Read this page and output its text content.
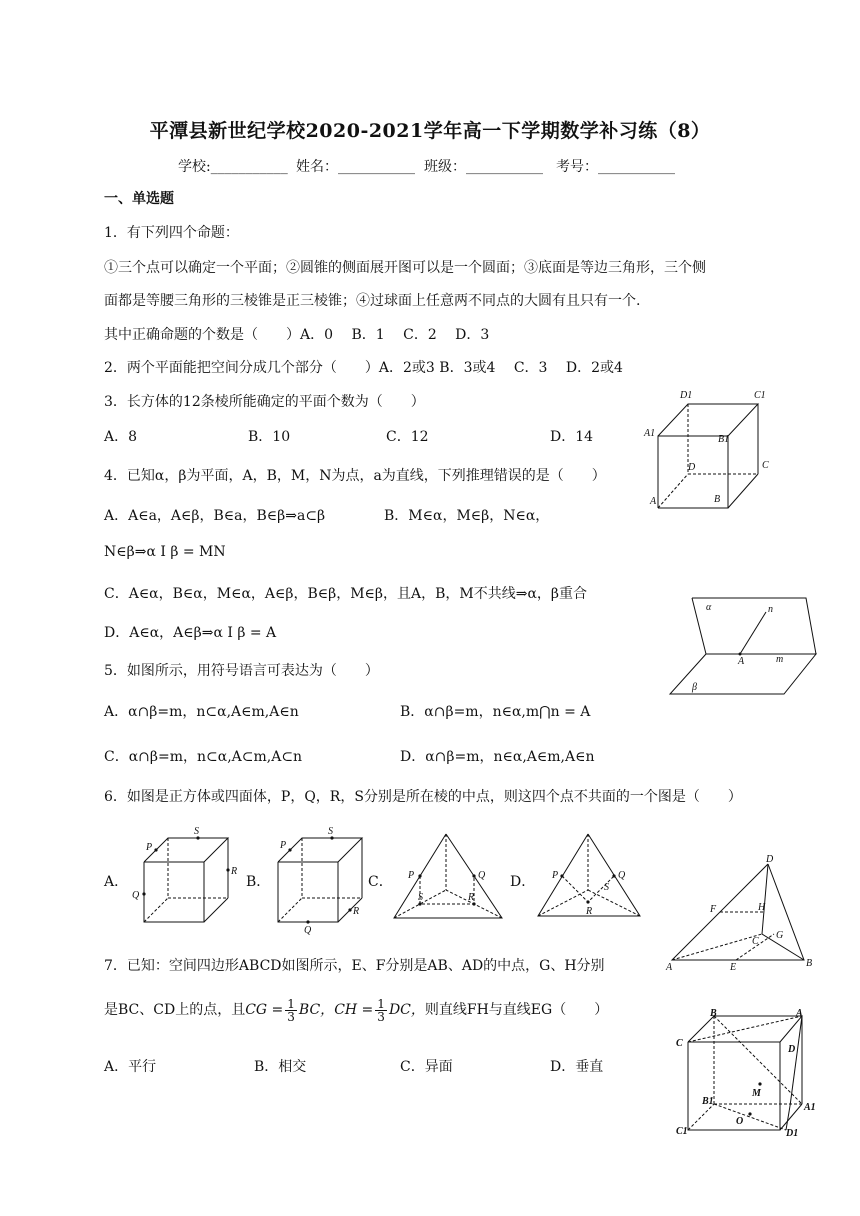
平潭县新世纪学校2020-2021学年高一下学期数学补习练（8）
学校:___________ 姓名：___________ 班级：___________ 考号：___________
一、单选题
1．有下列四个命题：
①三个点可以确定一个平面；②圆锥的侧面展开图可以是一个圆面；③底面是等边三角形，三个侧
面都是等腰三角形的三棱锥是正三棱锥；④过球面上任意两不同点的大圆有且只有一个.
其中正确命题的个数是（　　）A．0　 B．1　 C．2　 D．3
2．两个平面能把空间分成几个部分（　　）A．2或3 B．3或4　 C．3　 D．2或4
3．长方体的12条棱所能确定的平面个数为（　　）
A．8	B．10	C．12	D．14
4．已知α，β为平面，A，B，M，N为点，a为直线，下列推理错误的是（　　）
A．A∈a，A∈β，B∈a，B∈β⇒a⊂β	B．M∈α，M∈β，N∈α，
N∈β⇒α I β = MN
C．A∈α，B∈α，M∈α，A∈β，B∈β，M∈β，且A，B，M不共线⇒α，β重合
D．A∈α，A∈β⇒α I β = A
5．如图所示，用符号语言可表达为（　　）
A．α∩β=m，n⊂α,A∈m,A∈n	B．α∩β=m，n∈α,m⋂n = A
C．α∩β=m，n⊂α,A⊂m,A⊂n	D．α∩β=m，n∈α,A∈m,A∈n
6．如图是正方体或四面体，P，Q，R，S分别是所在棱的中点，则这四个点不共面的一个图是（　　）
A．	B．	C．	D．
7．已知：空间四边形ABCD如图所示，E、F分别是AB、AD的中点，G、H分别
是BC、CD上的点，且CG = $\frac{1}{3}$ BC，CH = $\frac{1}{3}$ DC，则直线FH与直线EG（　　）
A．平行	B．相交	C．异面	D．垂直
D1	C1
A1
B1
D	C
A	B
α	n
A	m
β
S
P
R
Q
S
P
R
Q
P	Q
S	R
P	Q
S
R
D
F	H
C
G
A	E	B
B	A
C
D
M
B1
A1
O
C1	D1
